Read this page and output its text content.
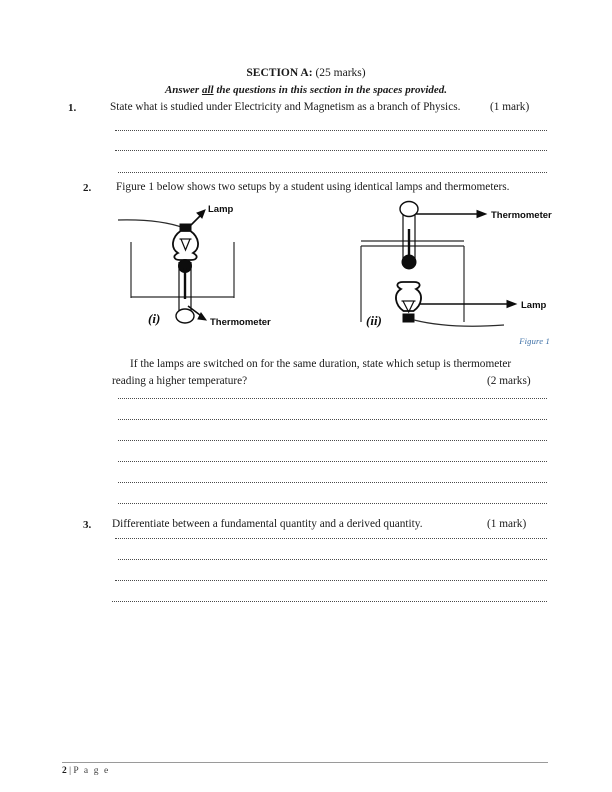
SECTION A: (25 marks)
Answer all the questions in this section in the spaces provided.
1.	State what is studied under Electricity and Magnetism as a branch of Physics.	(1 mark)
2. Figure 1 below shows two setups by a student using identical lamps and thermometers.
Lamp
Thermometer
(i)
Thermometer
Lamp
(ii)
Figure 1
If the lamps are switched on for the same duration, state which setup is thermometer
reading a higher temperature?	(2 marks)
3. Differentiate between a fundamental quantity and a derived quantity.	(1 mark)
2 | P a g e
